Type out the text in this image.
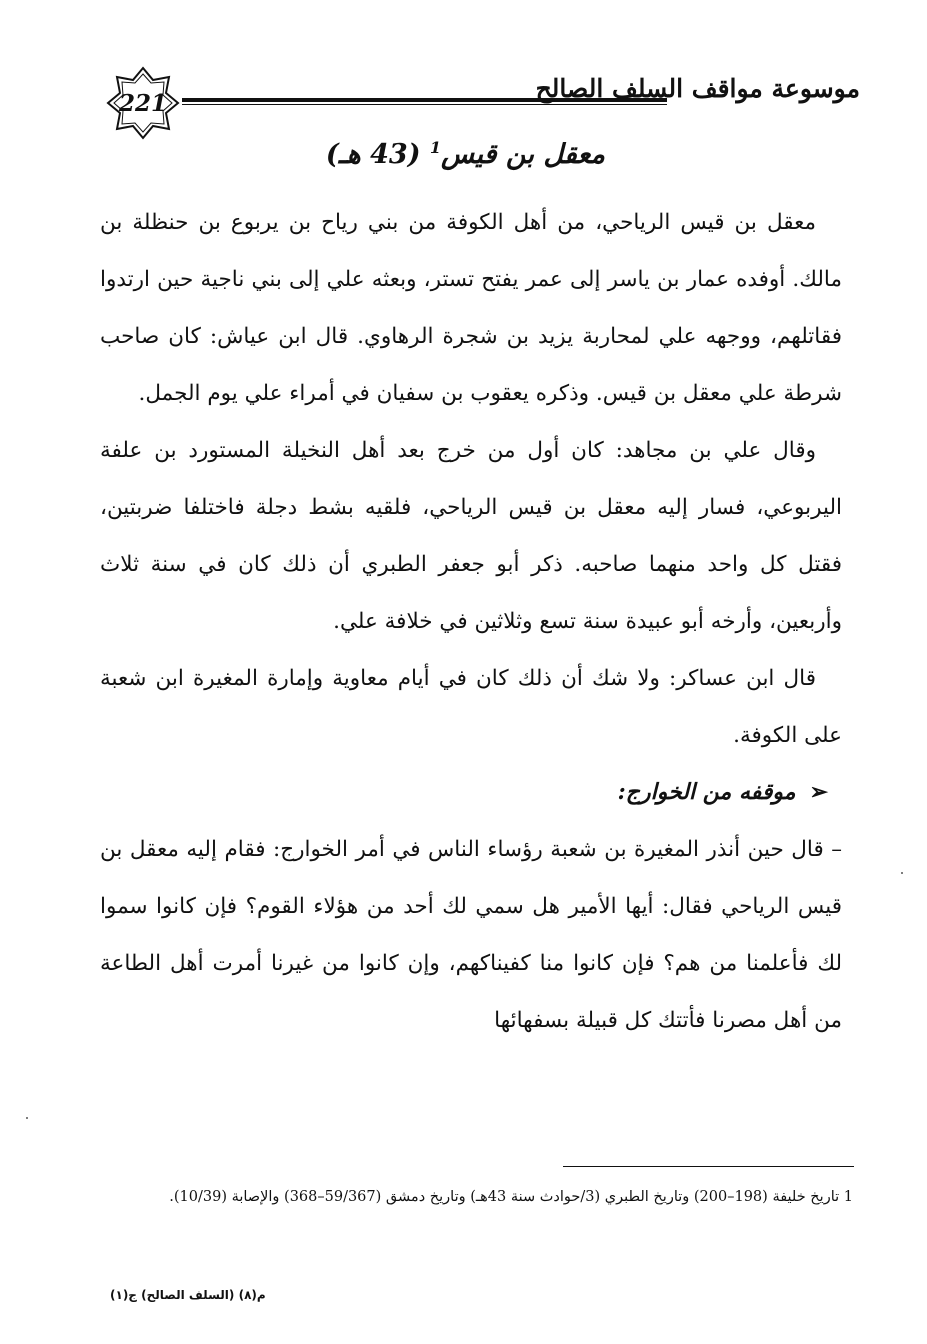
221	موسوعة مواقف السلف الصالح
معقل بن قيس$^1$ (43 هـ)

معقل بن قيس الرياحي، من أهل الكوفة من بني رياح بن يربوع بن حنظلة بن مالك. أوفده عمار بن ياسر إلى عمر يفتح تستر، وبعثه علي إلى بني ناجية حين ارتدوا فقاتلهم، ووجهه علي لمحاربة يزيد بن شجرة الرهاوي. قال ابن عياش: كان صاحب شرطة علي معقل بن قيس. وذكره يعقوب بن سفيان في أمراء علي يوم الجمل.

وقال علي بن مجاهد: كان أول من خرج بعد أهل النخيلة المستورد بن علفة اليربوعي، فسار إليه معقل بن قيس الرياحي، فلقيه بشط دجلة فاختلفا ضربتين، فقتل كل واحد منهما صاحبه. ذكر أبو جعفر الطبري أن ذلك كان في سنة ثلاث وأربعين، وأرخه أبو عبيدة سنة تسع وثلاثين في خلافة علي.

قال ابن عساكر: ولا شك أن ذلك كان في أيام معاوية وإمارة المغيرة ابن شعبة على الكوفة.

➢موقفه من الخوارج:

– قال حين أنذر المغيرة بن شعبة رؤساء الناس في أمر الخوارج: فقام إليه معقل بن قيس الرياحي فقال: أيها الأمير هل سمي لك أحد من هؤلاء القوم؟ فإن كانوا سموا لك فأعلمنا من هم؟ فإن كانوا منا كفيناكهم، وإن كانوا من غيرنا أمرت أهل الطاعة من أهل مصرنا فأتتك كل قبيلة بسفهائها

1 تاريخ خليفة (198–200) وتاريخ الطبري (3/حوادث سنة 43هـ) وتاريخ دمشق (59/367–368) والإصابة (10/39).

م(٨) (السلف الصالح) ج(١)
